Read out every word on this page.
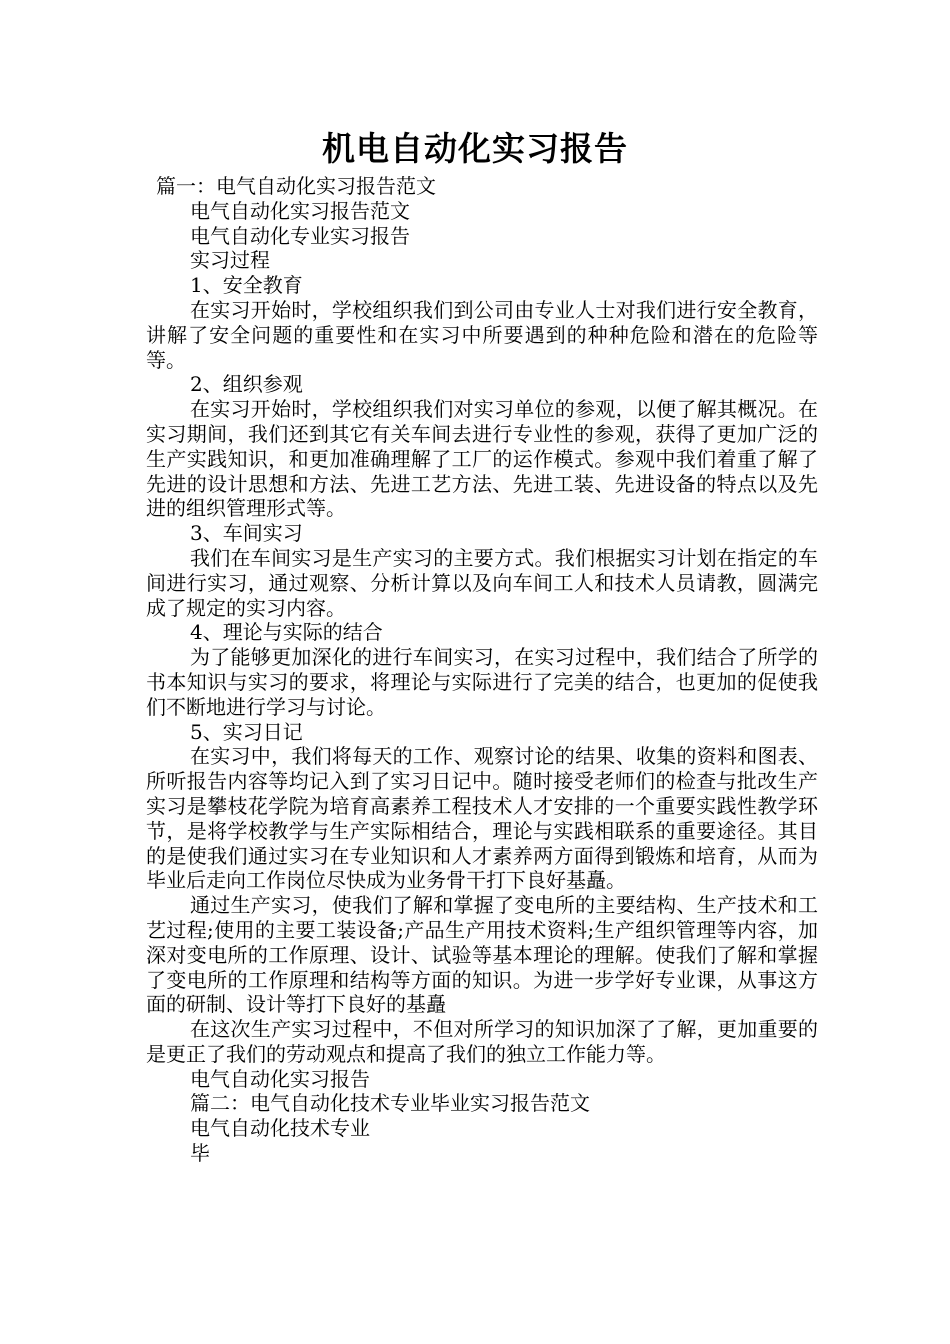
机电自动化实习报告

篇一：电气自动化实习报告范文

电气自动化实习报告范文

电气自动化专业实习报告

实习过程

1、安全教育

在实习开始时，学校组织我们到公司由专业人士对我们进行安全教育，讲解了安全问题的重要性和在实习中所要遇到的种种危险和潜在的危险等等。

2、组织参观

在实习开始时，学校组织我们对实习单位的参观，以便了解其概况。在实习期间，我们还到其它有关车间去进行专业性的参观，获得了更加广泛的生产实践知识，和更加准确理解了工厂的运作模式。参观中我们着重了解了先进的设计思想和方法、先进工艺方法、先进工装、先进设备的特点以及先进的组织管理形式等。

3、车间实习

我们在车间实习是生产实习的主要方式。我们根据实习计划在指定的车间进行实习，通过观察、分析计算以及向车间工人和技术人员请教，圆满完成了规定的实习内容。

4、理论与实际的结合

为了能够更加深化的进行车间实习，在实习过程中，我们结合了所学的书本知识与实习的要求，将理论与实际进行了完美的结合，也更加的促使我们不断地进行学习与讨论。

5、实习日记

在实习中，我们将每天的工作、观察讨论的结果、收集的资料和图表、所听报告内容等均记入到了实习日记中。随时接受老师们的检查与批改生产实习是攀枝花学院为培育高素养工程技术人才安排的一个重要实践性教学环节，是将学校教学与生产实际相结合，理论与实践相联系的重要途径。其目的是使我们通过实习在专业知识和人才素养两方面得到锻炼和培育，从而为毕业后走向工作岗位尽快成为业务骨干打下良好基矗。

通过生产实习，使我们了解和掌握了变电所的主要结构、生产技术和工艺过程;使用的主要工装设备;产品生产用技术资料;生产组织管理等内容，加深对变电所的工作原理、设计、试验等基本理论的理解。使我们了解和掌握了变电所的工作原理和结构等方面的知识。为进一步学好专业课，从事这方面的研制、设计等打下良好的基矗

在这次生产实习过程中，不但对所学习的知识加深了了解，更加重要的是更正了我们的劳动观点和提高了我们的独立工作能力等。

电气自动化实习报告

篇二：电气自动化技术专业毕业实习报告范文

电气自动化技术专业

毕
